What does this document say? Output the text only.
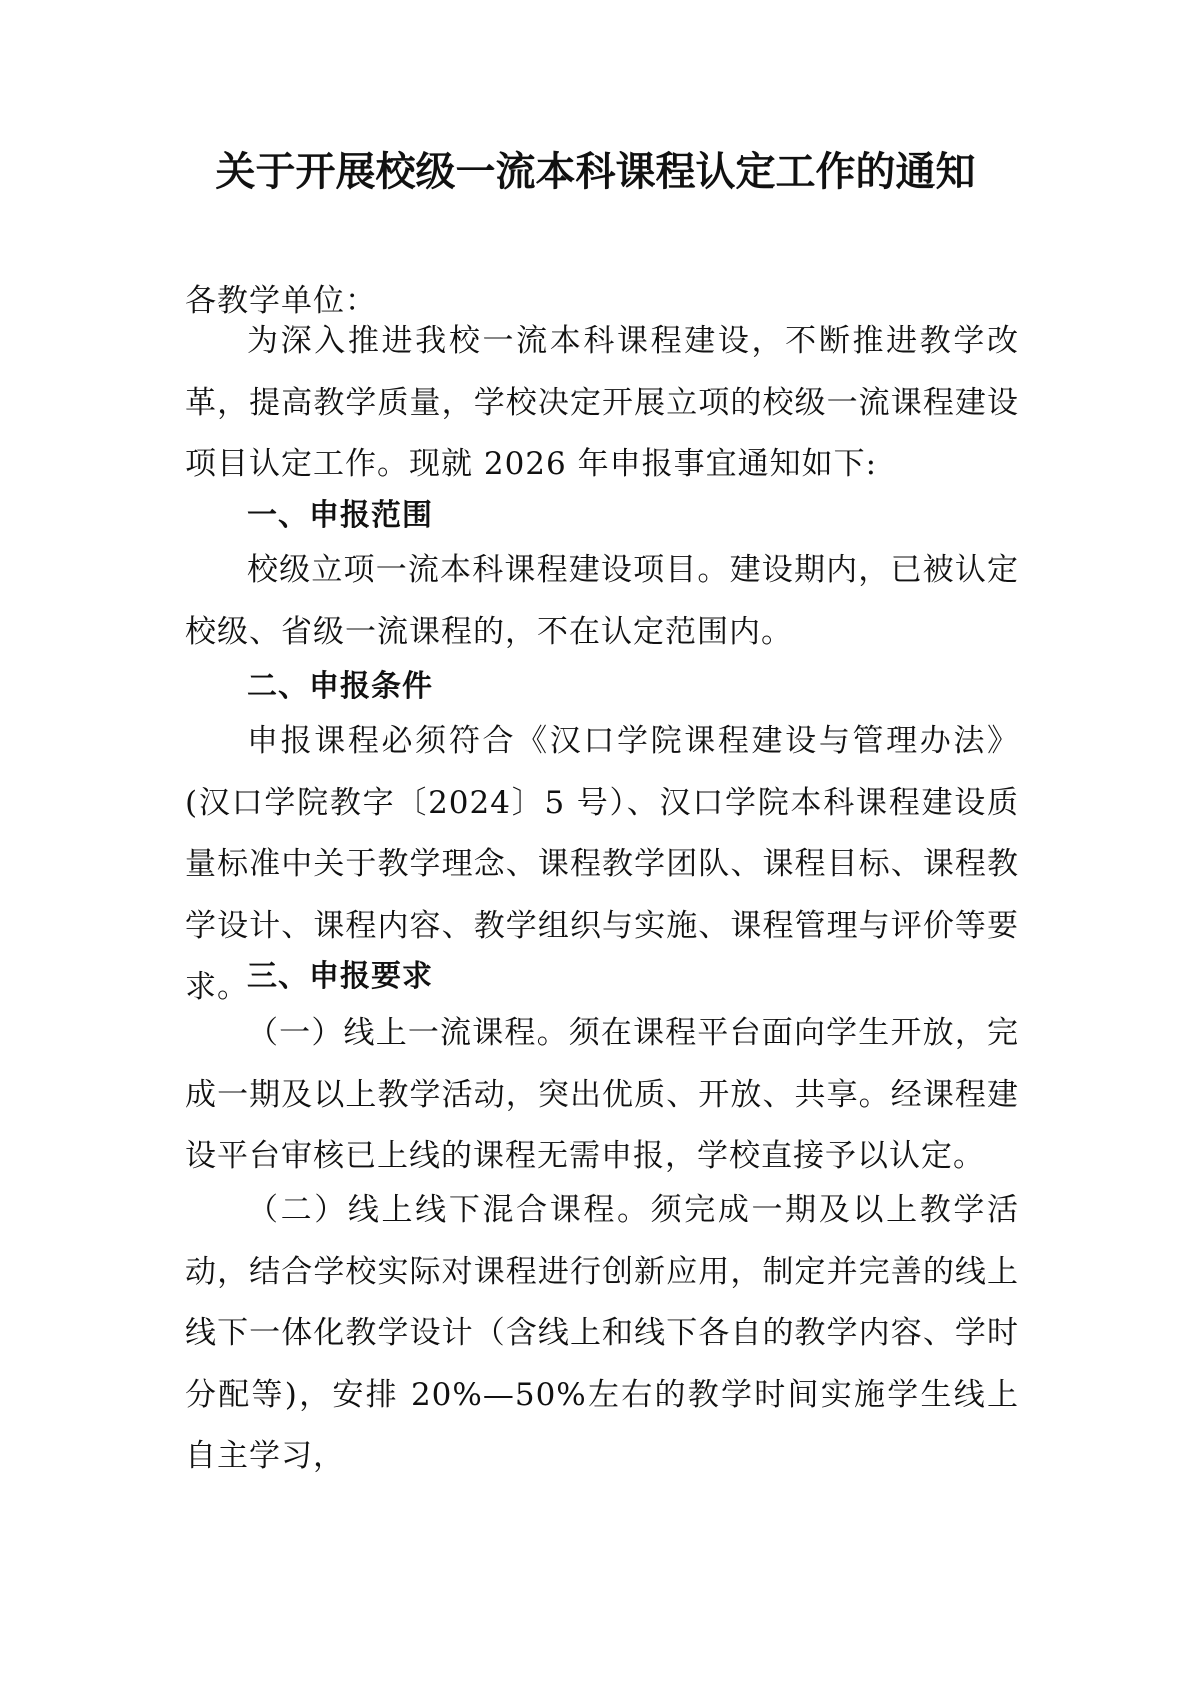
关于开展校级一流本科课程认定工作的通知
各教学单位：

为深入推进我校一流本科课程建设，不断推进教学改革，提高教学质量，学校决定开展立项的校级一流课程建设项目认定工作。现就 2026 年申报事宜通知如下:

一、申报范围

校级立项一流本科课程建设项目。建设期内，已被认定校级、省级一流课程的，不在认定范围内。

二、申报条件

申报课程必须符合《汉口学院课程建设与管理办法》(汉口学院教字〔2024〕5 号）、汉口学院本科课程建设质量标准中关于教学理念、课程教学团队、课程目标、课程教学设计、课程内容、教学组织与实施、课程管理与评价等要求。

三、申报要求

（一）线上一流课程。须在课程平台面向学生开放，完成一期及以上教学活动，突出优质、开放、共享。经课程建设平台审核已上线的课程无需申报，学校直接予以认定。

（二）线上线下混合课程。须完成一期及以上教学活动，结合学校实际对课程进行创新应用，制定并完善的线上线下一体化教学设计（含线上和线下各自的教学内容、学时分配等)，安排 20%—50%左右的教学时间实施学生线上自主学习，
